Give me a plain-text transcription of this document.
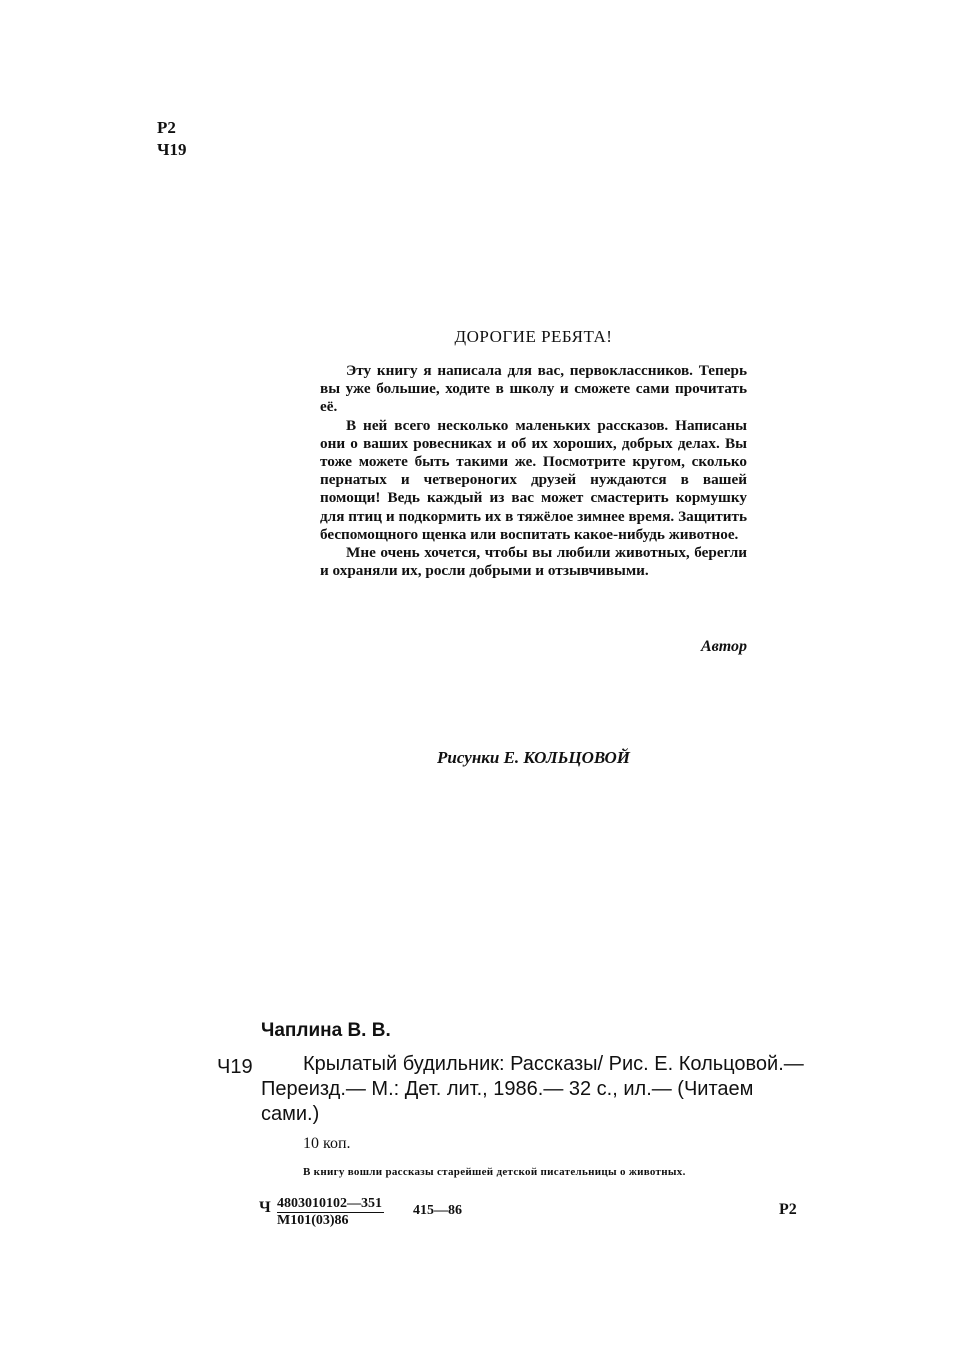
Р2
Ч19
ДОРОГИЕ РЕБЯТА!

Эту книгу я написала для вас, первоклассников. Теперь вы уже большие, ходите в школу и сможете сами прочитать её.

В ней всего несколько маленьких рассказов. Написаны они о ваших ровесниках и об их хороших, добрых делах. Вы тоже можете быть такими же. Посмотрите кругом, сколько пернатых и четвероногих друзей нуждаются в вашей помощи! Ведь каждый из вас может смастерить кормушку для птиц и подкормить их в тяжёлое зимнее время. Защитить беспомощного щенка или воспитать какое-нибудь животное.

Мне очень хочется, чтобы вы любили животных, берегли и охраняли их, росли добрыми и отзывчивыми.

Автор
Рисунки Е. КОЛЬЦОВОЙ
Чаплина В. В.
Ч19	Крылатый будильник: Рассказы/ Рис. Е. Кольцовой.— Переизд.— М.: Дет. лит., 1986.— 32 с., ил.— (Читаем сами.)
10 коп.
В книгу вошли рассказы старейшей детской писательницы о животных.
Ч 4803010102—351
М101(03)86
415—86	Р2
